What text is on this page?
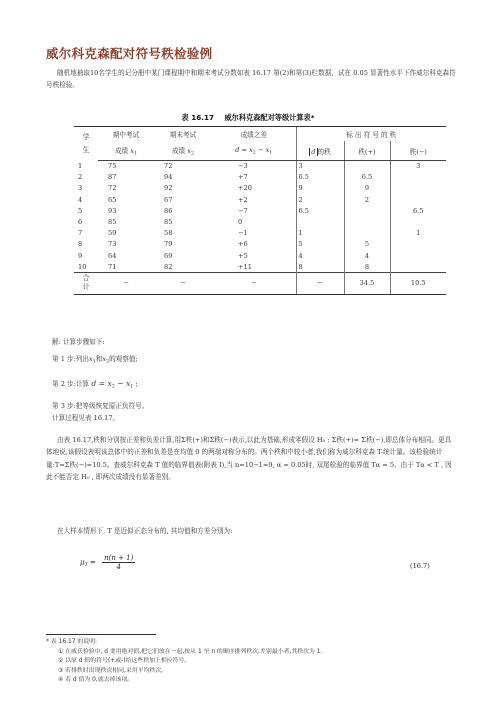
威尔科克森配对符号秩检验例
随机地抽取10名学生的记分册中某门课程期中和期末考试分数如表 16.17 第(2)和第(3)栏数据，试在 0.05 显著性水平下作威尔科克森符号秩检验。
表 16.17 威尔科克森配对等级计算表*
学生	期中考试	期末考试	成绩之差	标 出 符 号 的 秩		
	成绩 $x_1$	成绩 $x_2$	$d = x_2 - x_1$	d 的秩	秩(+)	秩(−)
1	75	72	−3	3		3
2	87	94	+7	6.5	6.5	
3	72	92	+20	9	9	
4	65	67	+2	2	2	
5	93	86	−7	6.5		6.5
6	85	85	0			
7	59	58	−1	1		1
8	73	79	+6	5	5	
9	64	69	+5	4	4	
10	71	82	+11	8	8	
合计	−	−	−	−	34.5	10.5
解: 计算步骤如下:
第 1 步:列出$x_1$和$x_2$的观察值;
第 2 步:计算 $d = x_2 - x_1$ ;
第 3 步:把等级恢复原正负符号。
计算过程见表 16.17。
由表 16.17,秩和分别按正差和负差计算,用Σ秩(+)和Σ秩(−)表示,以此为基础,形成零假设 H₀ : Σ秩(+)= Σ秩(−),即总体分布相同。更具体地说,该假设表明该总体中的正差和负差是在均值 0 的两端对称分布的。两个秩和中较小者,我们称为威尔科克森 T-统计量。该检验统计量:T=Σ秩(−)=10.5。查威尔科克森 T 值的临界值表(附表 I),当 n=10−1=9, α = 0.05时, 双尾检验的临界值 Tα = 5。由于 Tα < T , 因此不能否定 H₀ , 即两次成绩没有显著差别。
在大样本情形下, T 是近似正态分布的, 其均值和方差分别为:
$\mu_T = \frac{n(n + 1)}{4}$	(16.7)
* 表 16.17 的说明:
① 在威氏检验中, d 要用绝对值,把它们放在一起,按从 1 至 n 的顺序排列秩次,差别最小者,其秩次为 1。
② 以原 d 值的符号(+或-)给这些秩加上相应符号。
③ 若排秩时出现秩次相同,采用平均秩次。
④ 若 d 值为 0,就去掉该项。
